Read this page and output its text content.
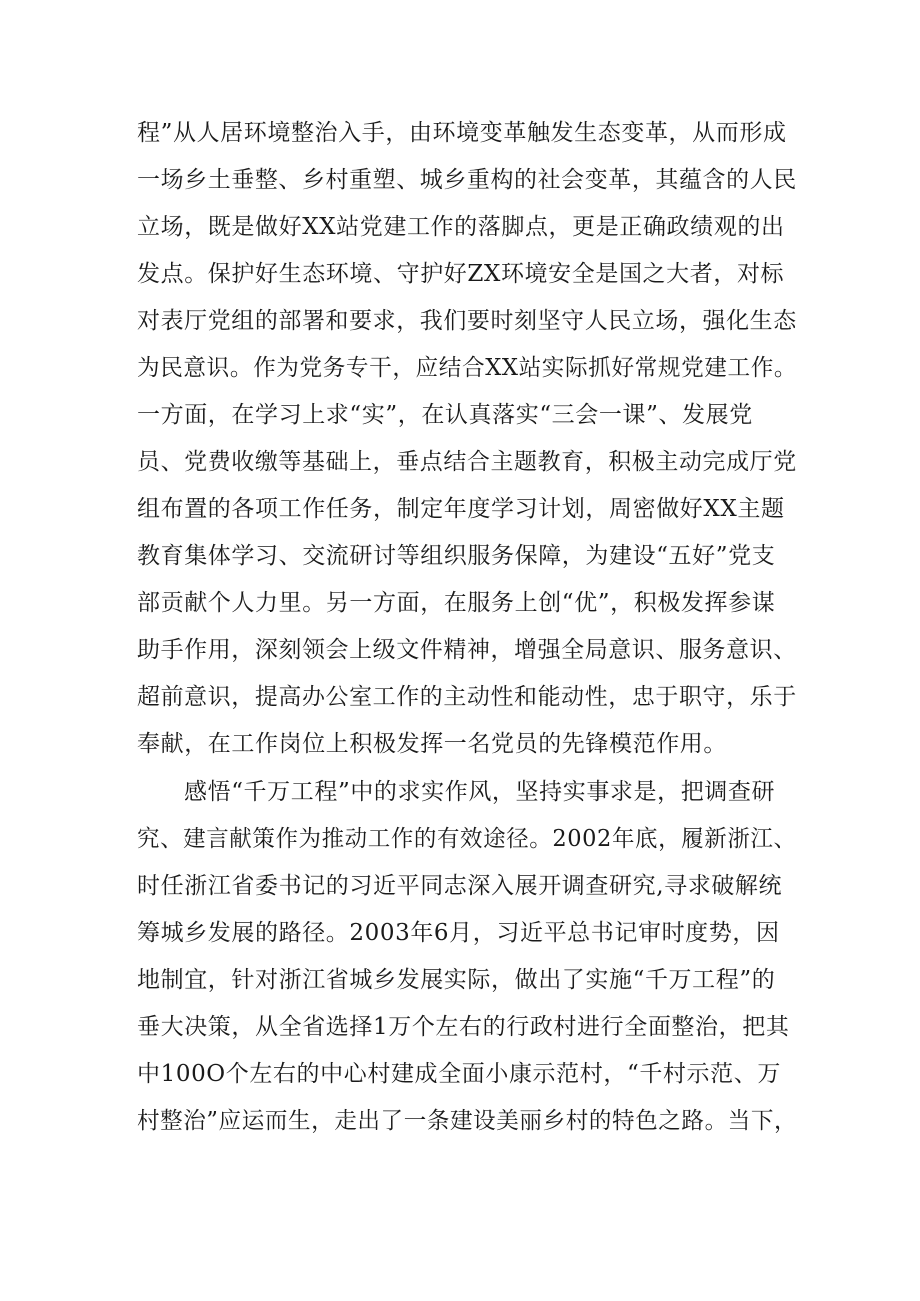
程”从人居环境整治入手，由环境变革触发生态变革，从而形成
一场乡土垂整、乡村重塑、城乡重构的社会变革，其蕴含的人民
立场，既是做好XX站党建工作的落脚点，更是正确政绩观的出
发点。保护好生态环境、守护好ZX环境安全是国之大者，对标
对表厅党组的部署和要求，我们要时刻坚守人民立场，强化生态
为民意识。作为党务专干，应结合XX站实际抓好常规党建工作。
一方面，在学习上求“实”，在认真落实“三会一课”、发展党
员、党费收缴等基础上，垂点结合主题教育，积极主动完成厅党
组布置的各项工作任务，制定年度学习计划，周密做好XX主题
教育集体学习、交流研讨等组织服务保障，为建设“五好”党支
部贡献个人力里。另一方面，在服务上创“优”，积极发挥参谋
助手作用，深刻领会上级文件精神，增强全局意识、服务意识、
超前意识，提高办公室工作的主动性和能动性，忠于职守，乐于
奉献，在工作岗位上积极发挥一名党员的先锋模范作用。
感悟“千万工程”中的求实作风，坚持实事求是，把调查研
究、建言献策作为推动工作的有效途径。2002年底，履新浙江、
时任浙江省委书记的习近平同志深入展开调查研究,寻求破解统
筹城乡发展的路径。2003年6月，习近平总书记审时度势，因
地制宜，针对浙江省城乡发展实际，做出了实施“千万工程”的
垂大决策，从全省选择1万个左右的行政村进行全面整治，把其
中100O个左右的中心村建成全面小康示范村，“千村示范、万
村整治”应运而生，走出了一条建设美丽乡村的特色之路。当下，
